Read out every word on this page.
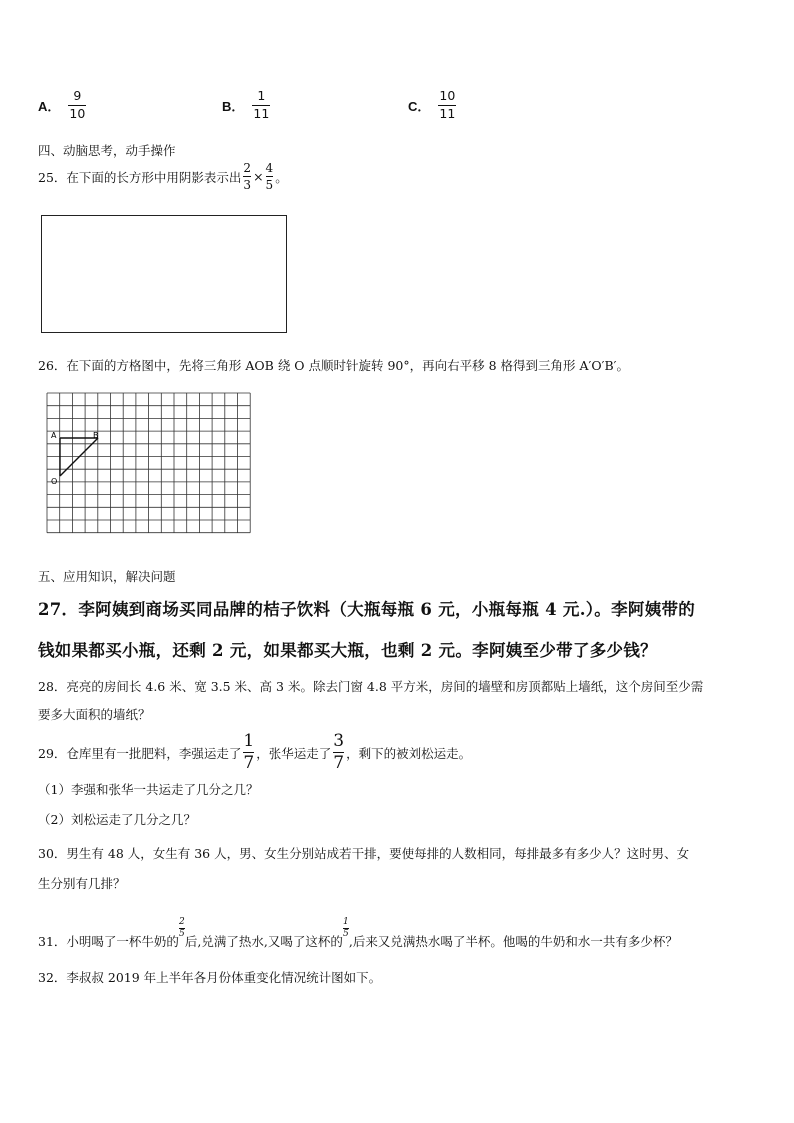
A． $\frac{9}{10}$	B． $\frac{1}{11}$	C． $\frac{10}{11}$
四、动脑思考，动手操作
25．在下面的长方形中用阴影表示出 $\frac{2}{3} \times \frac{4}{5}$ 。
26．在下面的方格图中，先将三角形 AOB 绕 O 点顺时针旋转 90°，再向右平移 8 格得到三角形 A′O′B′。
A	B
O
五、应用知识，解决问题
27．李阿姨到商场买同品牌的桔子饮料（大瓶每瓶 6 元，小瓶每瓶 4 元.）。李阿姨带的
钱如果都买小瓶，还剩 2 元，如果都买大瓶，也剩 2 元。李阿姨至少带了多少钱？
28．亮亮的房间长 4.6 米、宽 3.5 米、高 3 米。除去门窗 4.8 平方米，房间的墙壁和房顶都贴上墙纸，这个房间至少需
要多大面积的墙纸？
29．仓库里有一批肥料，李强运走了 $\frac{1}{7}$ ，张华运走了 $\frac{3}{7}$ ，剩下的被刘松运走。
（1）李强和张华一共运走了几分之几？
（2）刘松运走了几分之几？
30．男生有 48 人，女生有 36 人，男、女生分别站成若干排，要使每排的人数相同，每排最多有多少人？这时男、女
生分别有几排？
31．小明喝了一杯牛奶的
$\frac{2}{5}$
后,兑满了热水,又喝了这杯的
$\frac{1}{5}$
,后来又兑满热水喝了半杯。他喝的牛奶和水一共有多少杯？
32．李叔叔 2019 年上半年各月份体重变化情况统计图如下。
